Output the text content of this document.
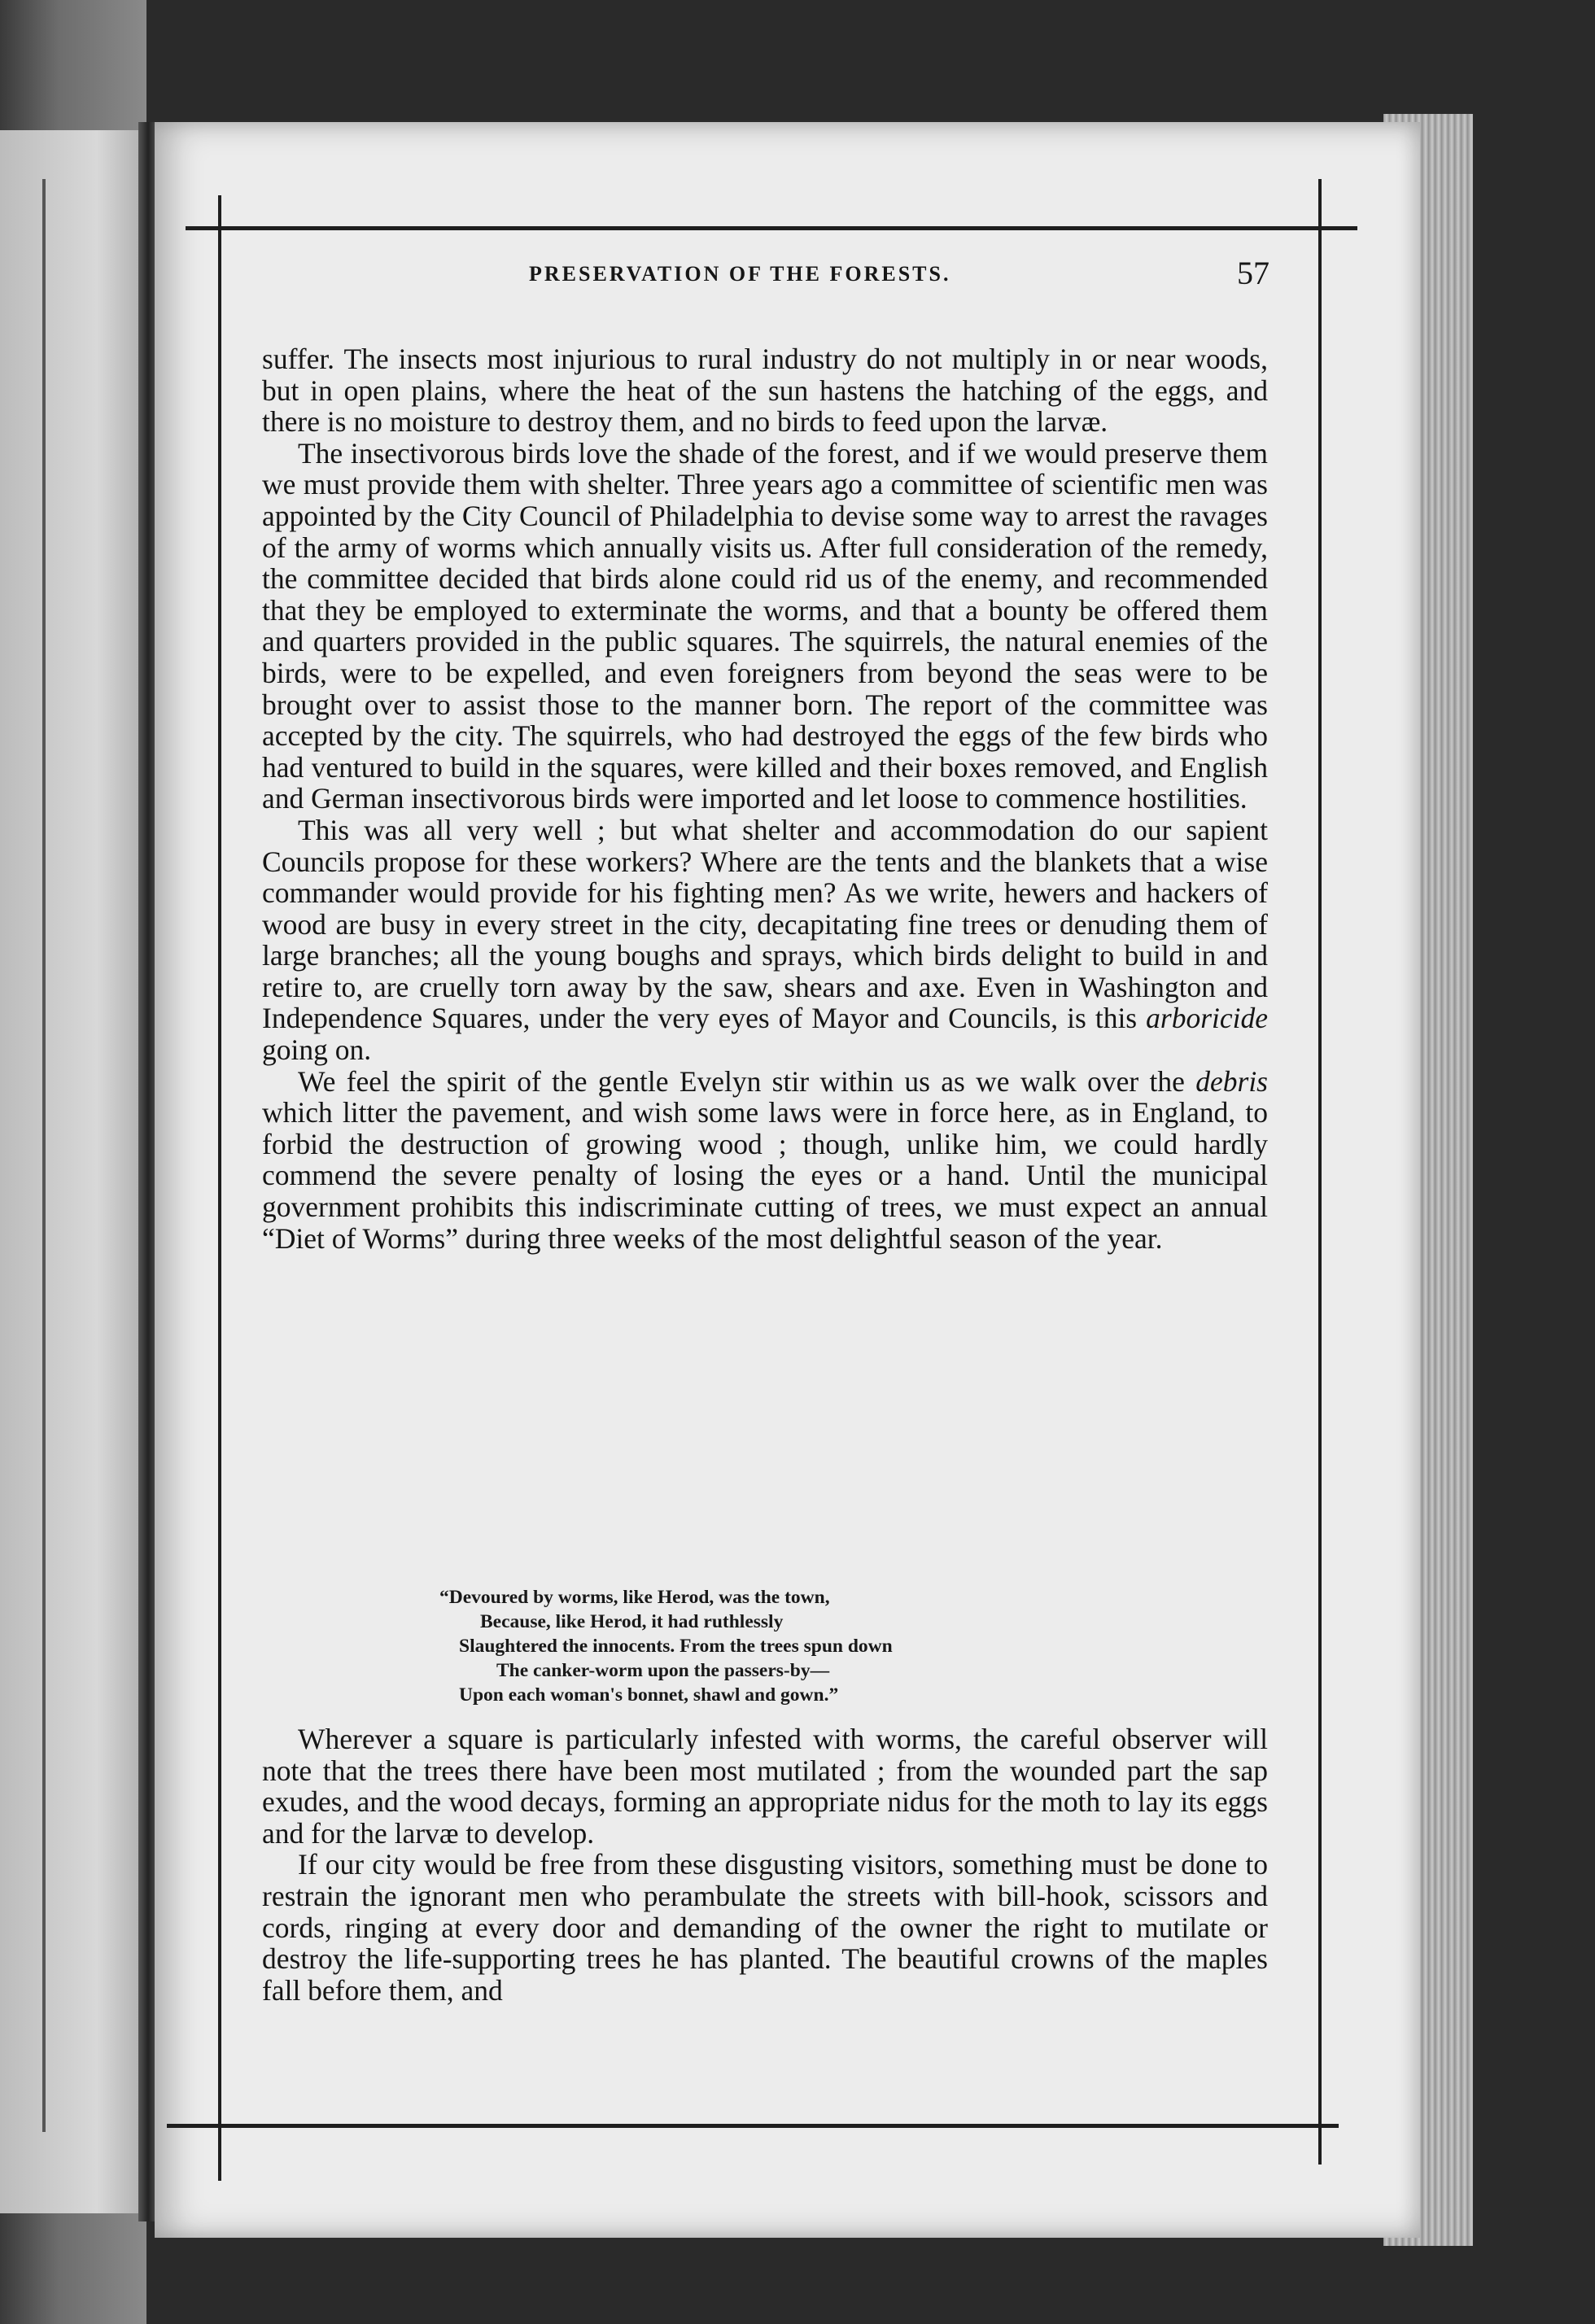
PRESERVATION OF THE FORESTS.	57

suffer. The insects most injurious to rural industry do not multiply in or near woods, but in open plains, where the heat of the sun hastens the hatching of the eggs, and there is no moisture to destroy them, and no birds to feed upon the larvæ.

The insectivorous birds love the shade of the forest, and if we would preserve them we must provide them with shelter. Three years ago a committee of scientific men was appointed by the City Council of Philadelphia to devise some way to arrest the ravages of the army of worms which annually visits us. After full consideration of the remedy, the committee decided that birds alone could rid us of the enemy, and recommended that they be employed to exterminate the worms, and that a bounty be offered them and quarters provided in the public squares. The squirrels, the natural enemies of the birds, were to be expelled, and even foreigners from beyond the seas were to be brought over to assist those to the manner born. The report of the committee was accepted by the city. The squirrels, who had destroyed the eggs of the few birds who had ventured to build in the squares, were killed and their boxes removed, and English and German insectivorous birds were imported and let loose to commence hostilities.

This was all very well ; but what shelter and accommodation do our sapient Councils propose for these workers? Where are the tents and the blankets that a wise commander would provide for his fighting men? As we write, hewers and hackers of wood are busy in every street in the city, decapitating fine trees or denuding them of large branches; all the young boughs and sprays, which birds delight to build in and retire to, are cruelly torn away by the saw, shears and axe. Even in Washington and Independence Squares, under the very eyes of Mayor and Councils, is this arboricide going on.

We feel the spirit of the gentle Evelyn stir within us as we walk over the debris which litter the pavement, and wish some laws were in force here, as in England, to forbid the destruction of growing wood ; though, unlike him, we could hardly commend the severe penalty of losing the eyes or a hand. Until the municipal government prohibits this indiscriminate cutting of trees, we must expect an annual “Diet of Worms” during three weeks of the most delightful season of the year.

“Devoured by worms, like Herod, was the town,
Because, like Herod, it had ruthlessly
Slaughtered the innocents. From the trees spun down
The canker-worm upon the passers-by—
Upon each woman's bonnet, shawl and gown.”

Wherever a square is particularly infested with worms, the careful observer will note that the trees there have been most mutilated ; from the wounded part the sap exudes, and the wood decays, forming an appropriate nidus for the moth to lay its eggs and for the larvæ to develop.

If our city would be free from these disgusting visitors, something must be done to restrain the ignorant men who perambulate the streets with bill-hook, scissors and cords, ringing at every door and demanding of the owner the right to mutilate or destroy the life-supporting trees he has planted. The beautiful crowns of the maples fall before them, and
